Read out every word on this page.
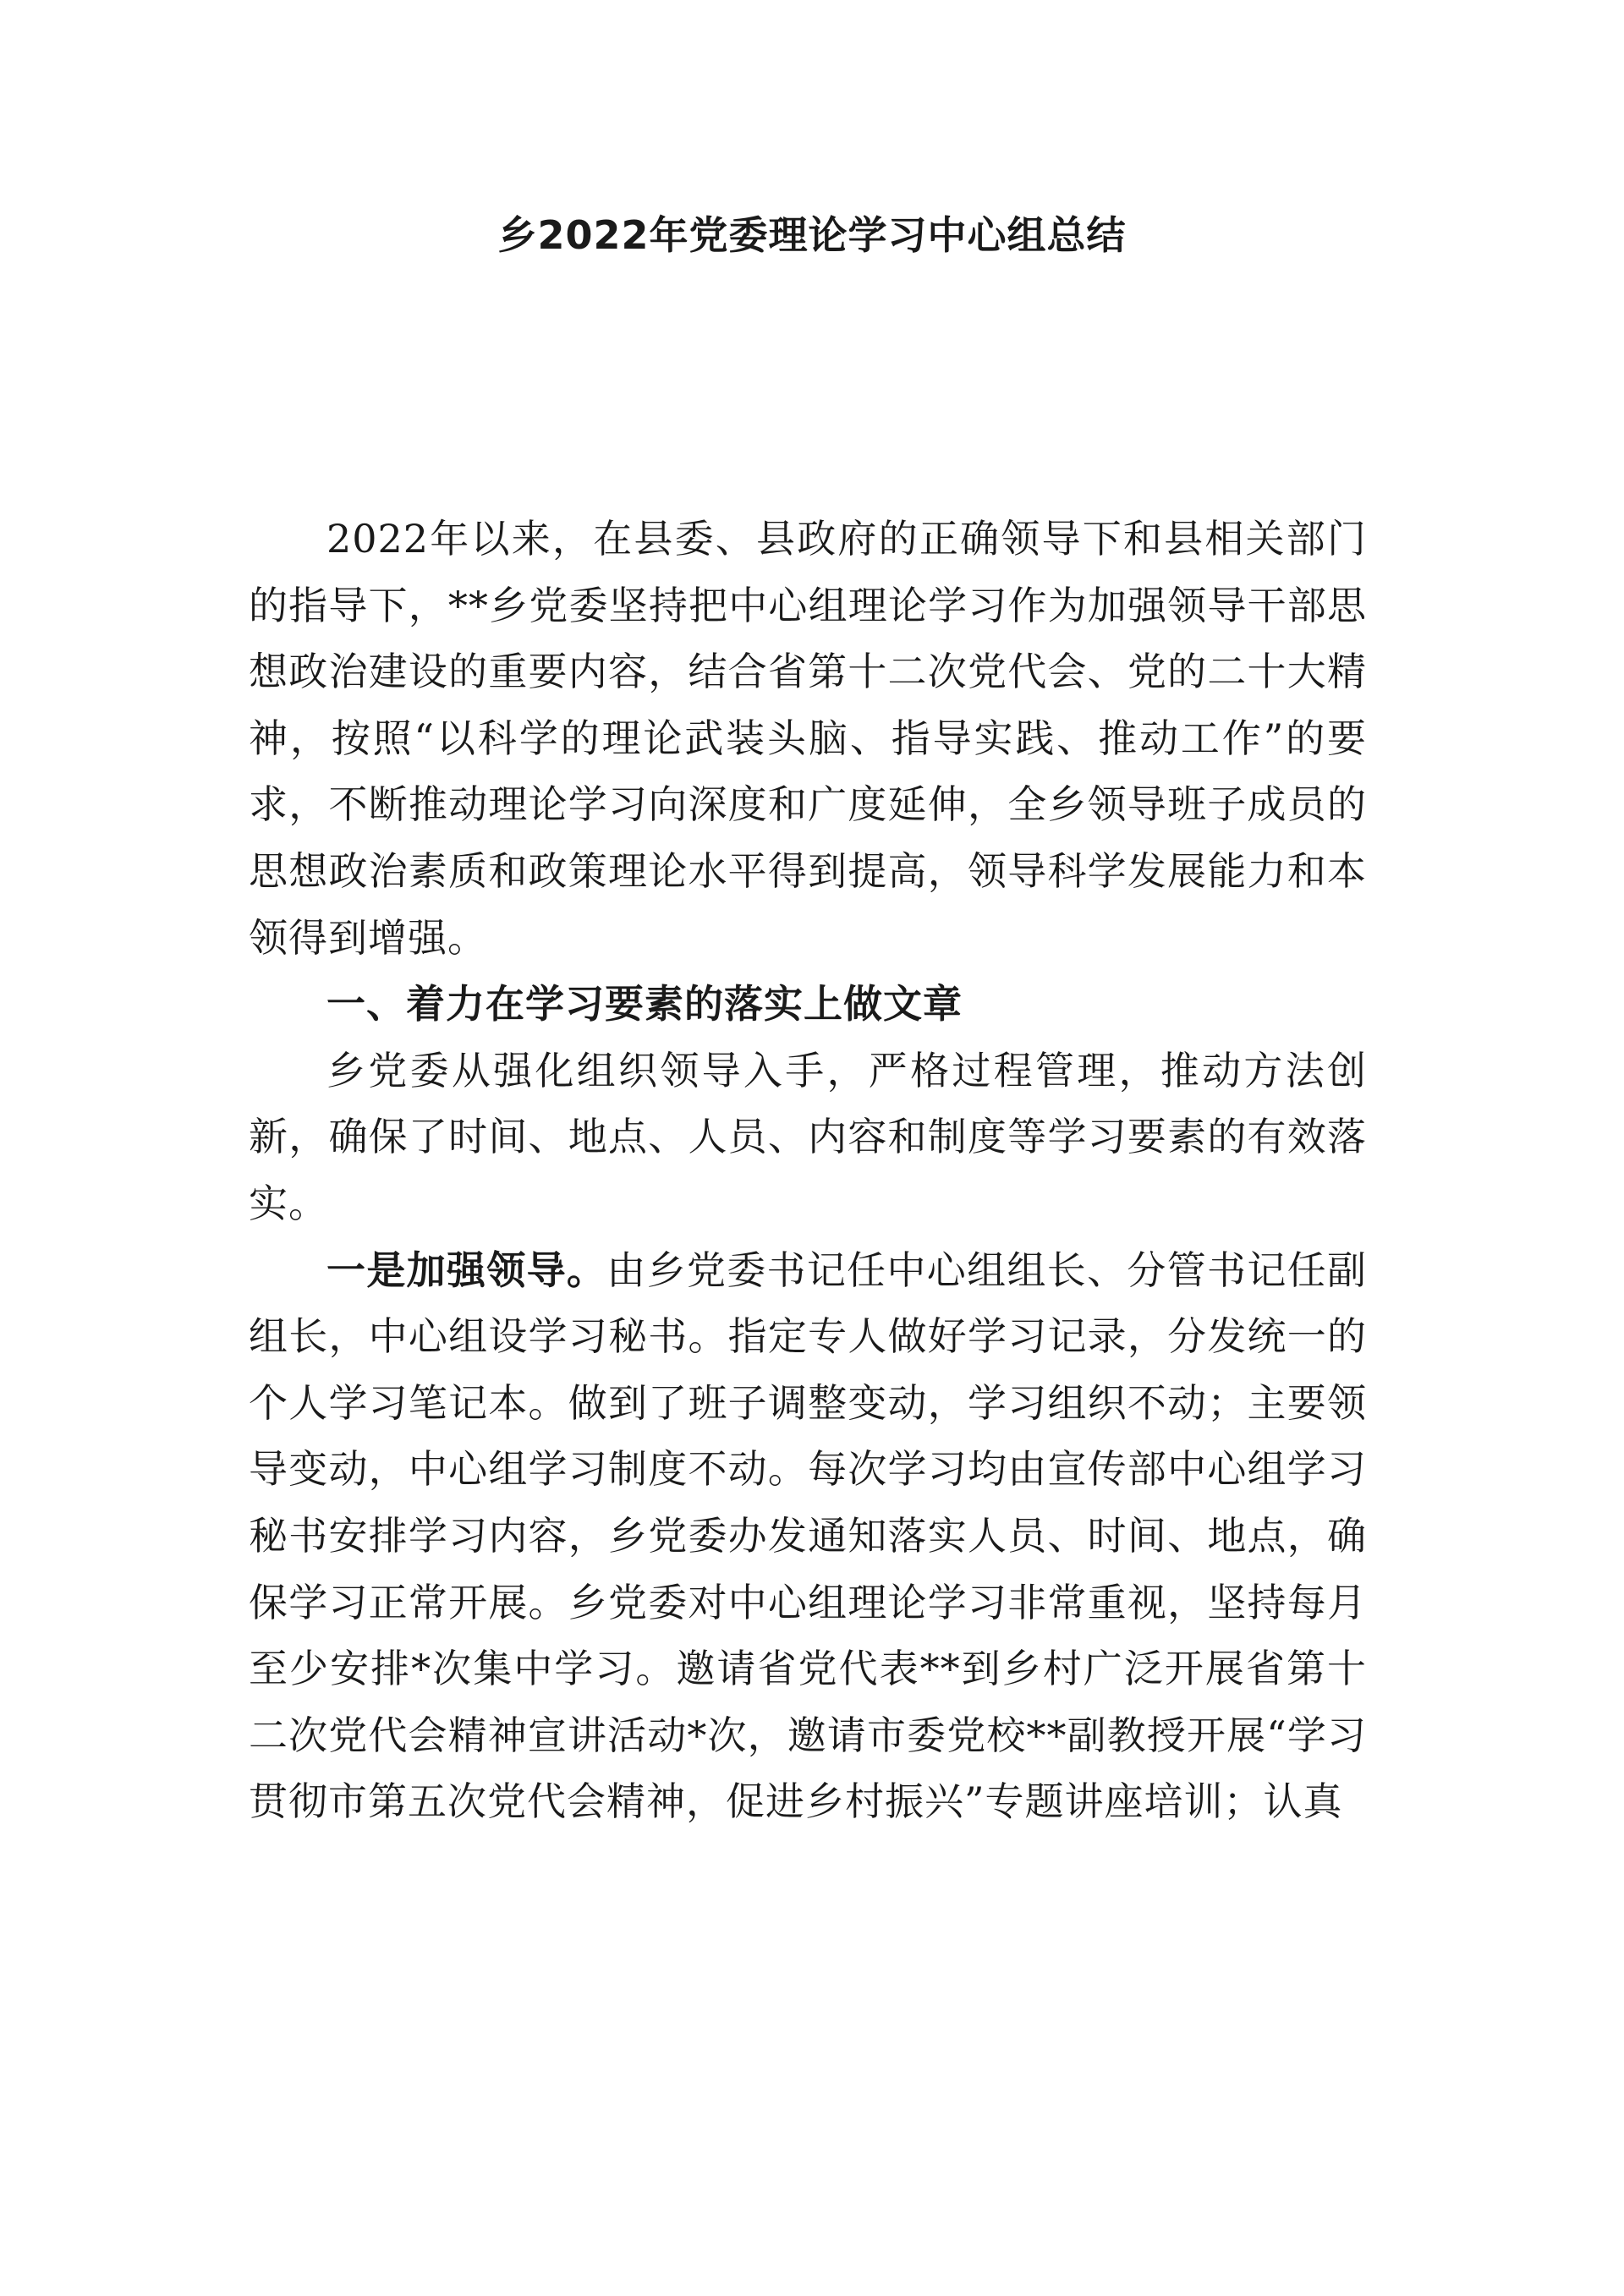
乡2022年党委理论学习中心组总结

2022年以来，在县委、县政府的正确领导下和县相关部门的指导下，**乡党委坚持把中心组理论学习作为加强领导干部思想政治建设的重要内容，结合省第十二次党代会、党的二十大精神，按照“以科学的理论武装头脑、指导实践、推动工作”的要求，不断推动理论学习向深度和广度延伸，全乡领导班子成员的思想政治素质和政策理论水平得到提高，领导科学发展能力和本领得到增强。

一、着力在学习要素的落实上做文章

乡党委从强化组织领导入手，严格过程管理，推动方法创新，确保了时间、地点、人员、内容和制度等学习要素的有效落实。

一是加强领导。由乡党委书记任中心组组长、分管书记任副组长，中心组设学习秘书。指定专人做好学习记录，分发统一的个人学习笔记本。做到了班子调整变动，学习组织不动；主要领导变动，中心组学习制度不动。每次学习均由宣传部中心组学习秘书安排学习内容，乡党委办发通知落实人员、时间、地点，确保学习正常开展。乡党委对中心组理论学习非常重视，坚持每月至少安排*次集中学习。邀请省党代表**到乡村广泛开展省第十二次党代会精神宣讲活动*次，邀请市委党校**副教授开展“学习贯彻市第五次党代会精神，促进乡村振兴”专题讲座培训；认真
